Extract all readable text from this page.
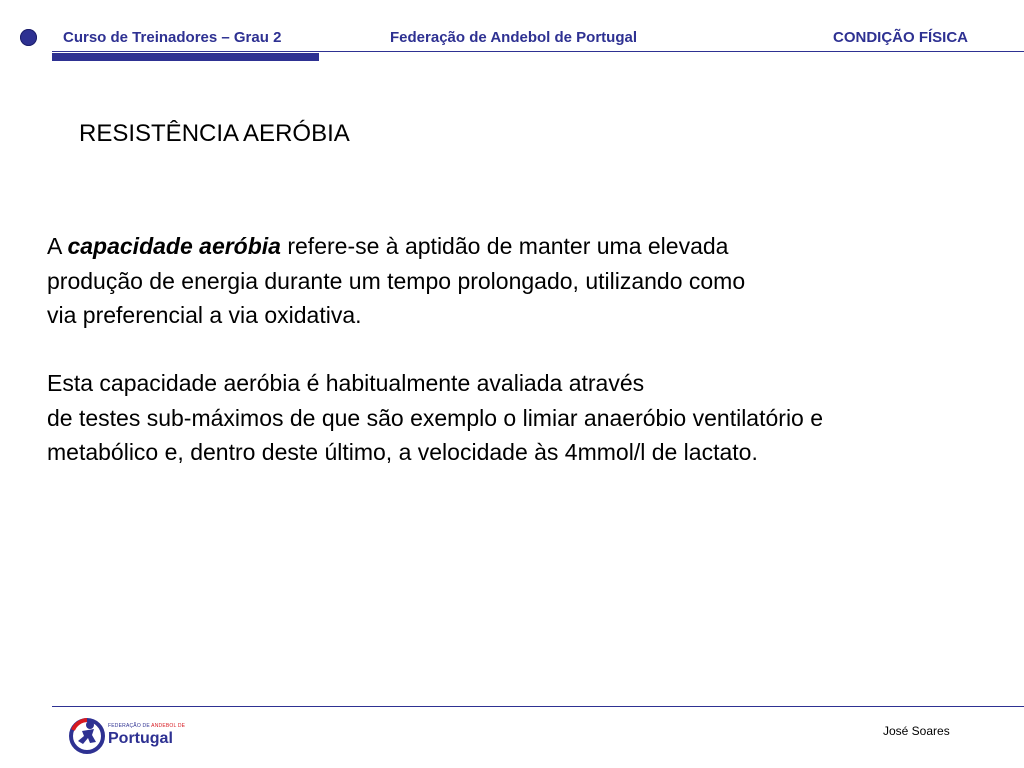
Curso de Treinadores – Grau 2	Federação de Andebol de Portugal	CONDIÇÃO FÍSICA
RESISTÊNCIA AERÓBIA
A capacidade aeróbia refere-se à aptidão de manter uma elevada
produção de energia durante um tempo prolongado, utilizando como
via preferencial a via oxidativa.
Esta capacidade aeróbia é habitualmente avaliada através
de testes sub-máximos de que são exemplo o limiar anaeróbio ventilatório e
metabólico e, dentro deste último, a velocidade às 4mmol/l de lactato.
FEDERAÇÃO DE ANDEBOL DE
Portugal	José Soares
